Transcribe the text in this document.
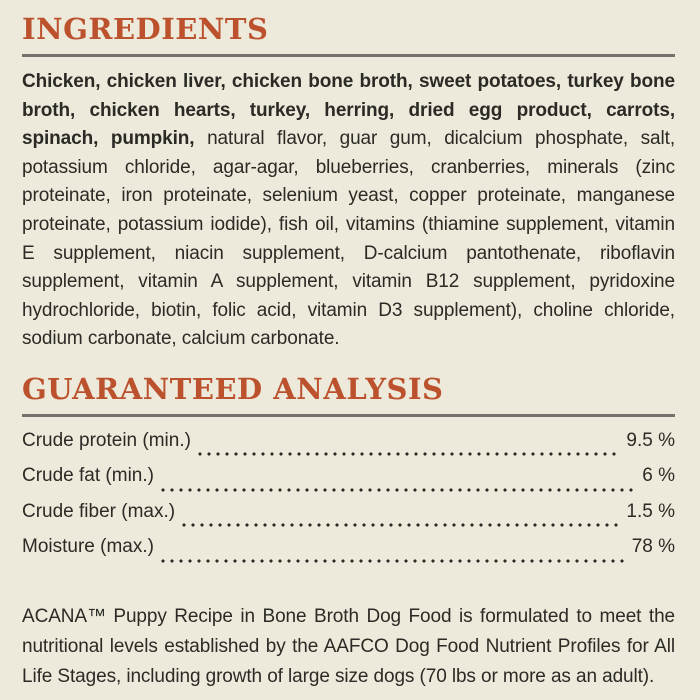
INGREDIENTS

Chicken, chicken liver, chicken bone broth, sweet potatoes, turkey bone broth, chicken hearts, turkey, herring, dried egg product, carrots, spinach, pumpkin, natural flavor, guar gum, dicalcium phosphate, salt, potassium chloride, agar-agar, blueberries, cranberries, minerals (zinc proteinate, iron proteinate, selenium yeast, copper proteinate, manganese proteinate, potassium iodide), fish oil, vitamins (thiamine supplement, vitamin E supplement, niacin supplement, D-calcium pantothenate, riboflavin supplement, vitamin A supplement, vitamin B12 supplement, pyridoxine hydrochloride, biotin, folic acid, vitamin D3 supplement), choline chloride, sodium carbonate, calcium carbonate.

GUARANTEED ANALYSIS
Crude protein (min.)	9.5 %
Crude fat (min.)	6 %
Crude fiber (max.)	1.5 %
Moisture (max.)	78 %

ACANA™ Puppy Recipe in Bone Broth Dog Food is formulated to meet the nutritional levels established by the AAFCO Dog Food Nutrient Profiles for All Life Stages, including growth of large size dogs (70 lbs or more as an adult).
